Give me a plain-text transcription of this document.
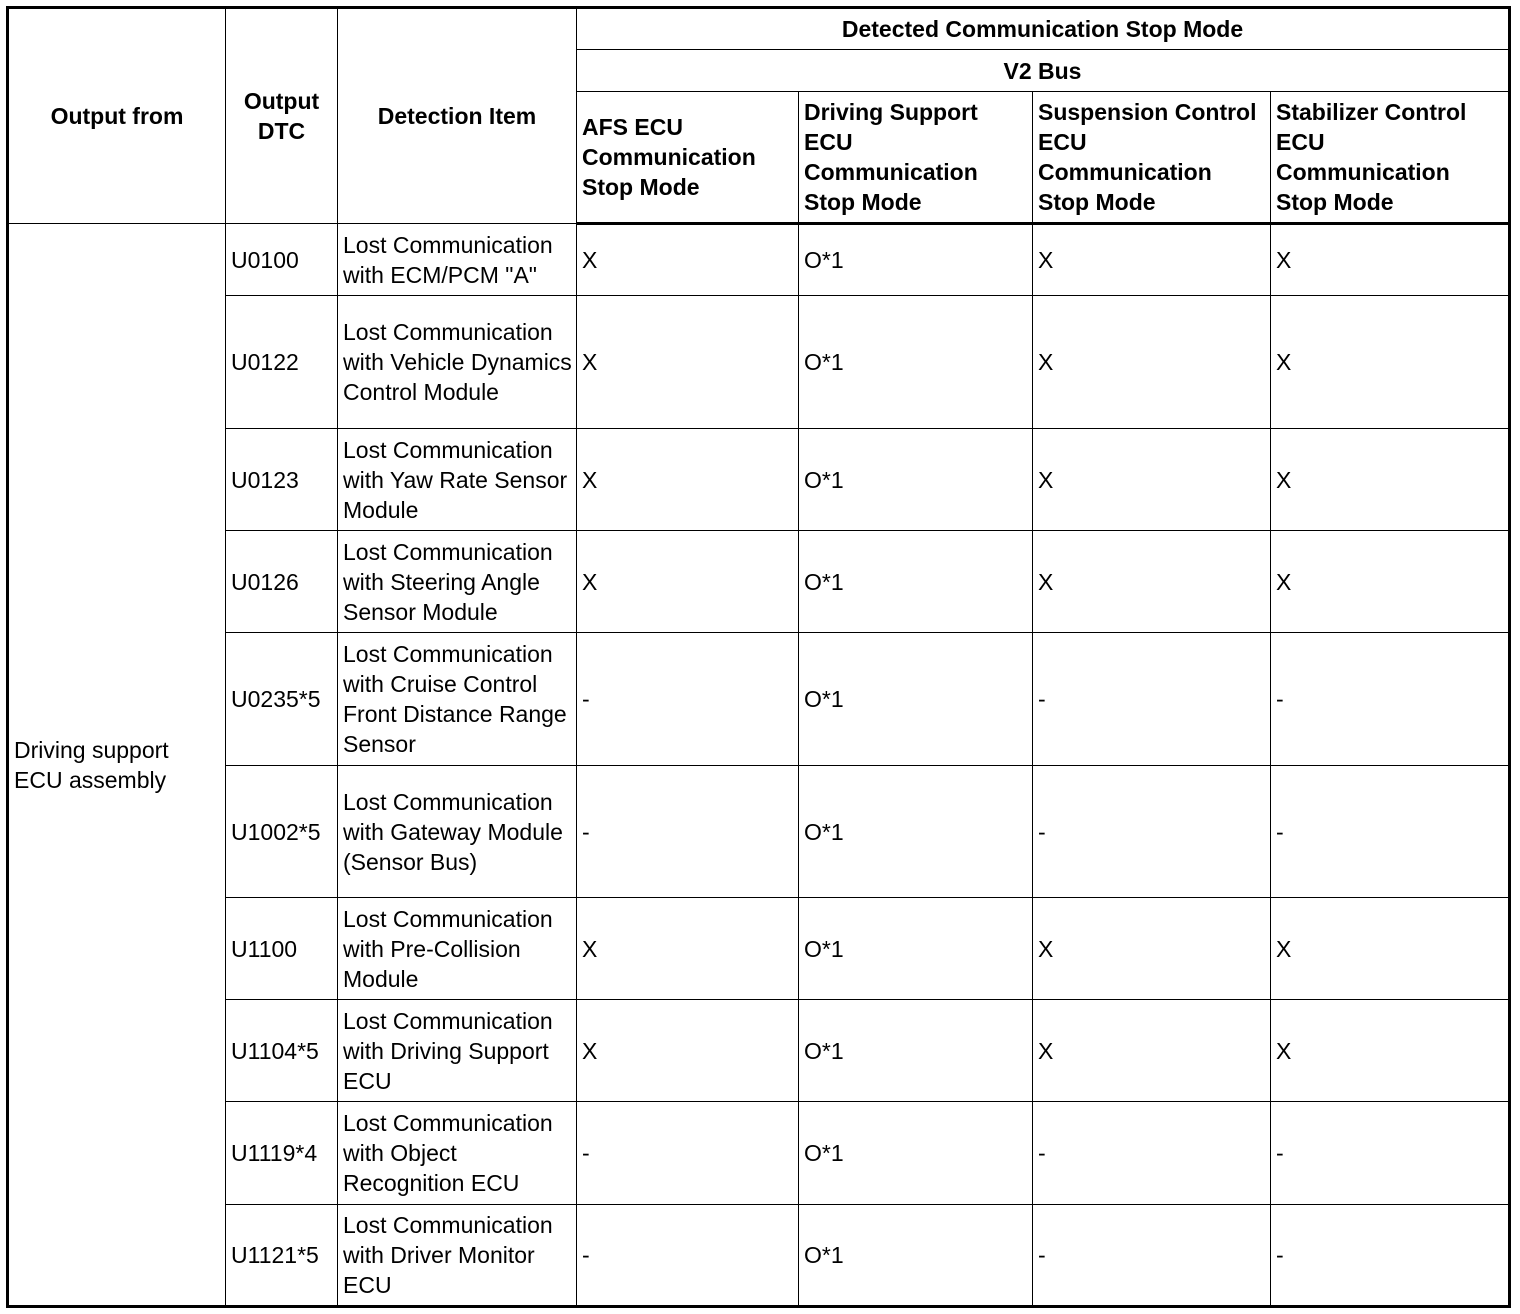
Output from	Output DTC	Detection Item	Detected Communication Stop Mode			
			V2 Bus			
			AFS ECU Communication Stop Mode	Driving Support ECU Communication Stop Mode	Suspension Control ECU Communication Stop Mode	Stabilizer Control ECU Communication Stop Mode
Driving support ECU assembly	U0100	Lost Communication with ECM/PCM "A"	X	O*1	X	X
	U0122	Lost Communication with Vehicle Dynamics Control Module	X	O*1	X	X
	U0123	Lost Communication with Yaw Rate Sensor Module	X	O*1	X	X
	U0126	Lost Communication with Steering Angle Sensor Module	X	O*1	X	X
	U0235*5	Lost Communication with Cruise Control Front Distance Range Sensor	-	O*1	-	-
	U1002*5	Lost Communication with Gateway Module (Sensor Bus)	-	O*1	-	-
	U1100	Lost Communication with Pre-Collision Module	X	O*1	X	X
	U1104*5	Lost Communication with Driving Support ECU	X	O*1	X	X
	U1119*4	Lost Communication with Object Recognition ECU	-	O*1	-	-
	U1121*5	Lost Communication with Driver Monitor ECU	-	O*1	-	-
